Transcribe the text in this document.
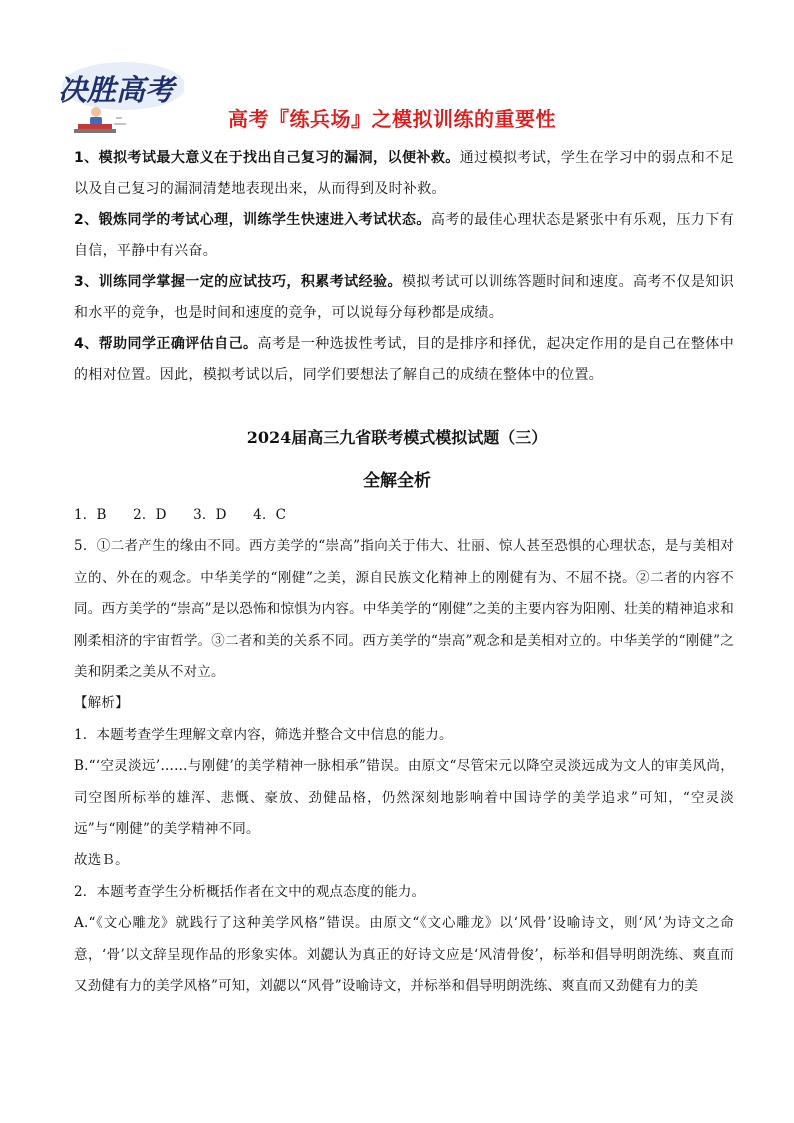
决胜高考
高考『练兵场』之模拟训练的重要性

1、模拟考试最大意义在于找出自己复习的漏洞，以便补救。通过模拟考试，学生在学习中的弱点和不足以及自己复习的漏洞清楚地表现出来，从而得到及时补救。

2、锻炼同学的考试心理，训练学生快速进入考试状态。高考的最佳心理状态是紧张中有乐观，压力下有自信，平静中有兴奋。

3、训练同学掌握一定的应试技巧，积累考试经验。模拟考试可以训练答题时间和速度。高考不仅是知识和水平的竞争，也是时间和速度的竞争，可以说每分每秒都是成绩。

4、帮助同学正确评估自己。高考是一种选拔性考试，目的是排序和择优，起决定作用的是自己在整体中的相对位置。因此，模拟考试以后，同学们要想法了解自己的成绩在整体中的位置。

2024届高三九省联考模式模拟试题（三）
全解全析

1．B 2．D 3．D 4．C

5．①二者产生的缘由不同。西方美学的“崇高”指向关于伟大、壮丽、惊人甚至恐惧的心理状态，是与美相对立的、外在的观念。中华美学的“刚健”之美，源自民族文化精神上的刚健有为、不屈不挠。②二者的内容不同。西方美学的“崇高”是以恐怖和惊惧为内容。中华美学的“刚健”之美的主要内容为阳刚、壮美的精神追求和刚柔相济的宇宙哲学。③二者和美的关系不同。西方美学的“崇高”观念和是美相对立的。中华美学的“刚健”之美和阴柔之美从不对立。

【解析】

1．本题考查学生理解文章内容，筛选并整合文中信息的能力。

B.“‘空灵淡远’……与刚健’的美学精神一脉相承”错误。由原文“尽管宋元以降空灵淡远成为文人的审美风尚，司空图所标举的雄浑、悲慨、豪放、劲健品格，仍然深刻地影响着中国诗学的美学追求”可知，“空灵淡远”与“刚健”的美学精神不同。

故选Ｂ。

2．本题考查学生分析概括作者在文中的观点态度的能力。

A.“《文心雕龙》就践行了这种美学风格”错误。由原文“《文心雕龙》以‘风骨’设喻诗文，则‘风’为诗文之命意，‘骨’以文辞呈现作品的形象实体。刘勰认为真正的好诗文应是‘风清骨俊’，标举和倡导明朗洗练、爽直而又劲健有力的美学风格”可知，刘勰以“风骨”设喻诗文，并标举和倡导明朗洗练、爽直而又劲健有力的美
